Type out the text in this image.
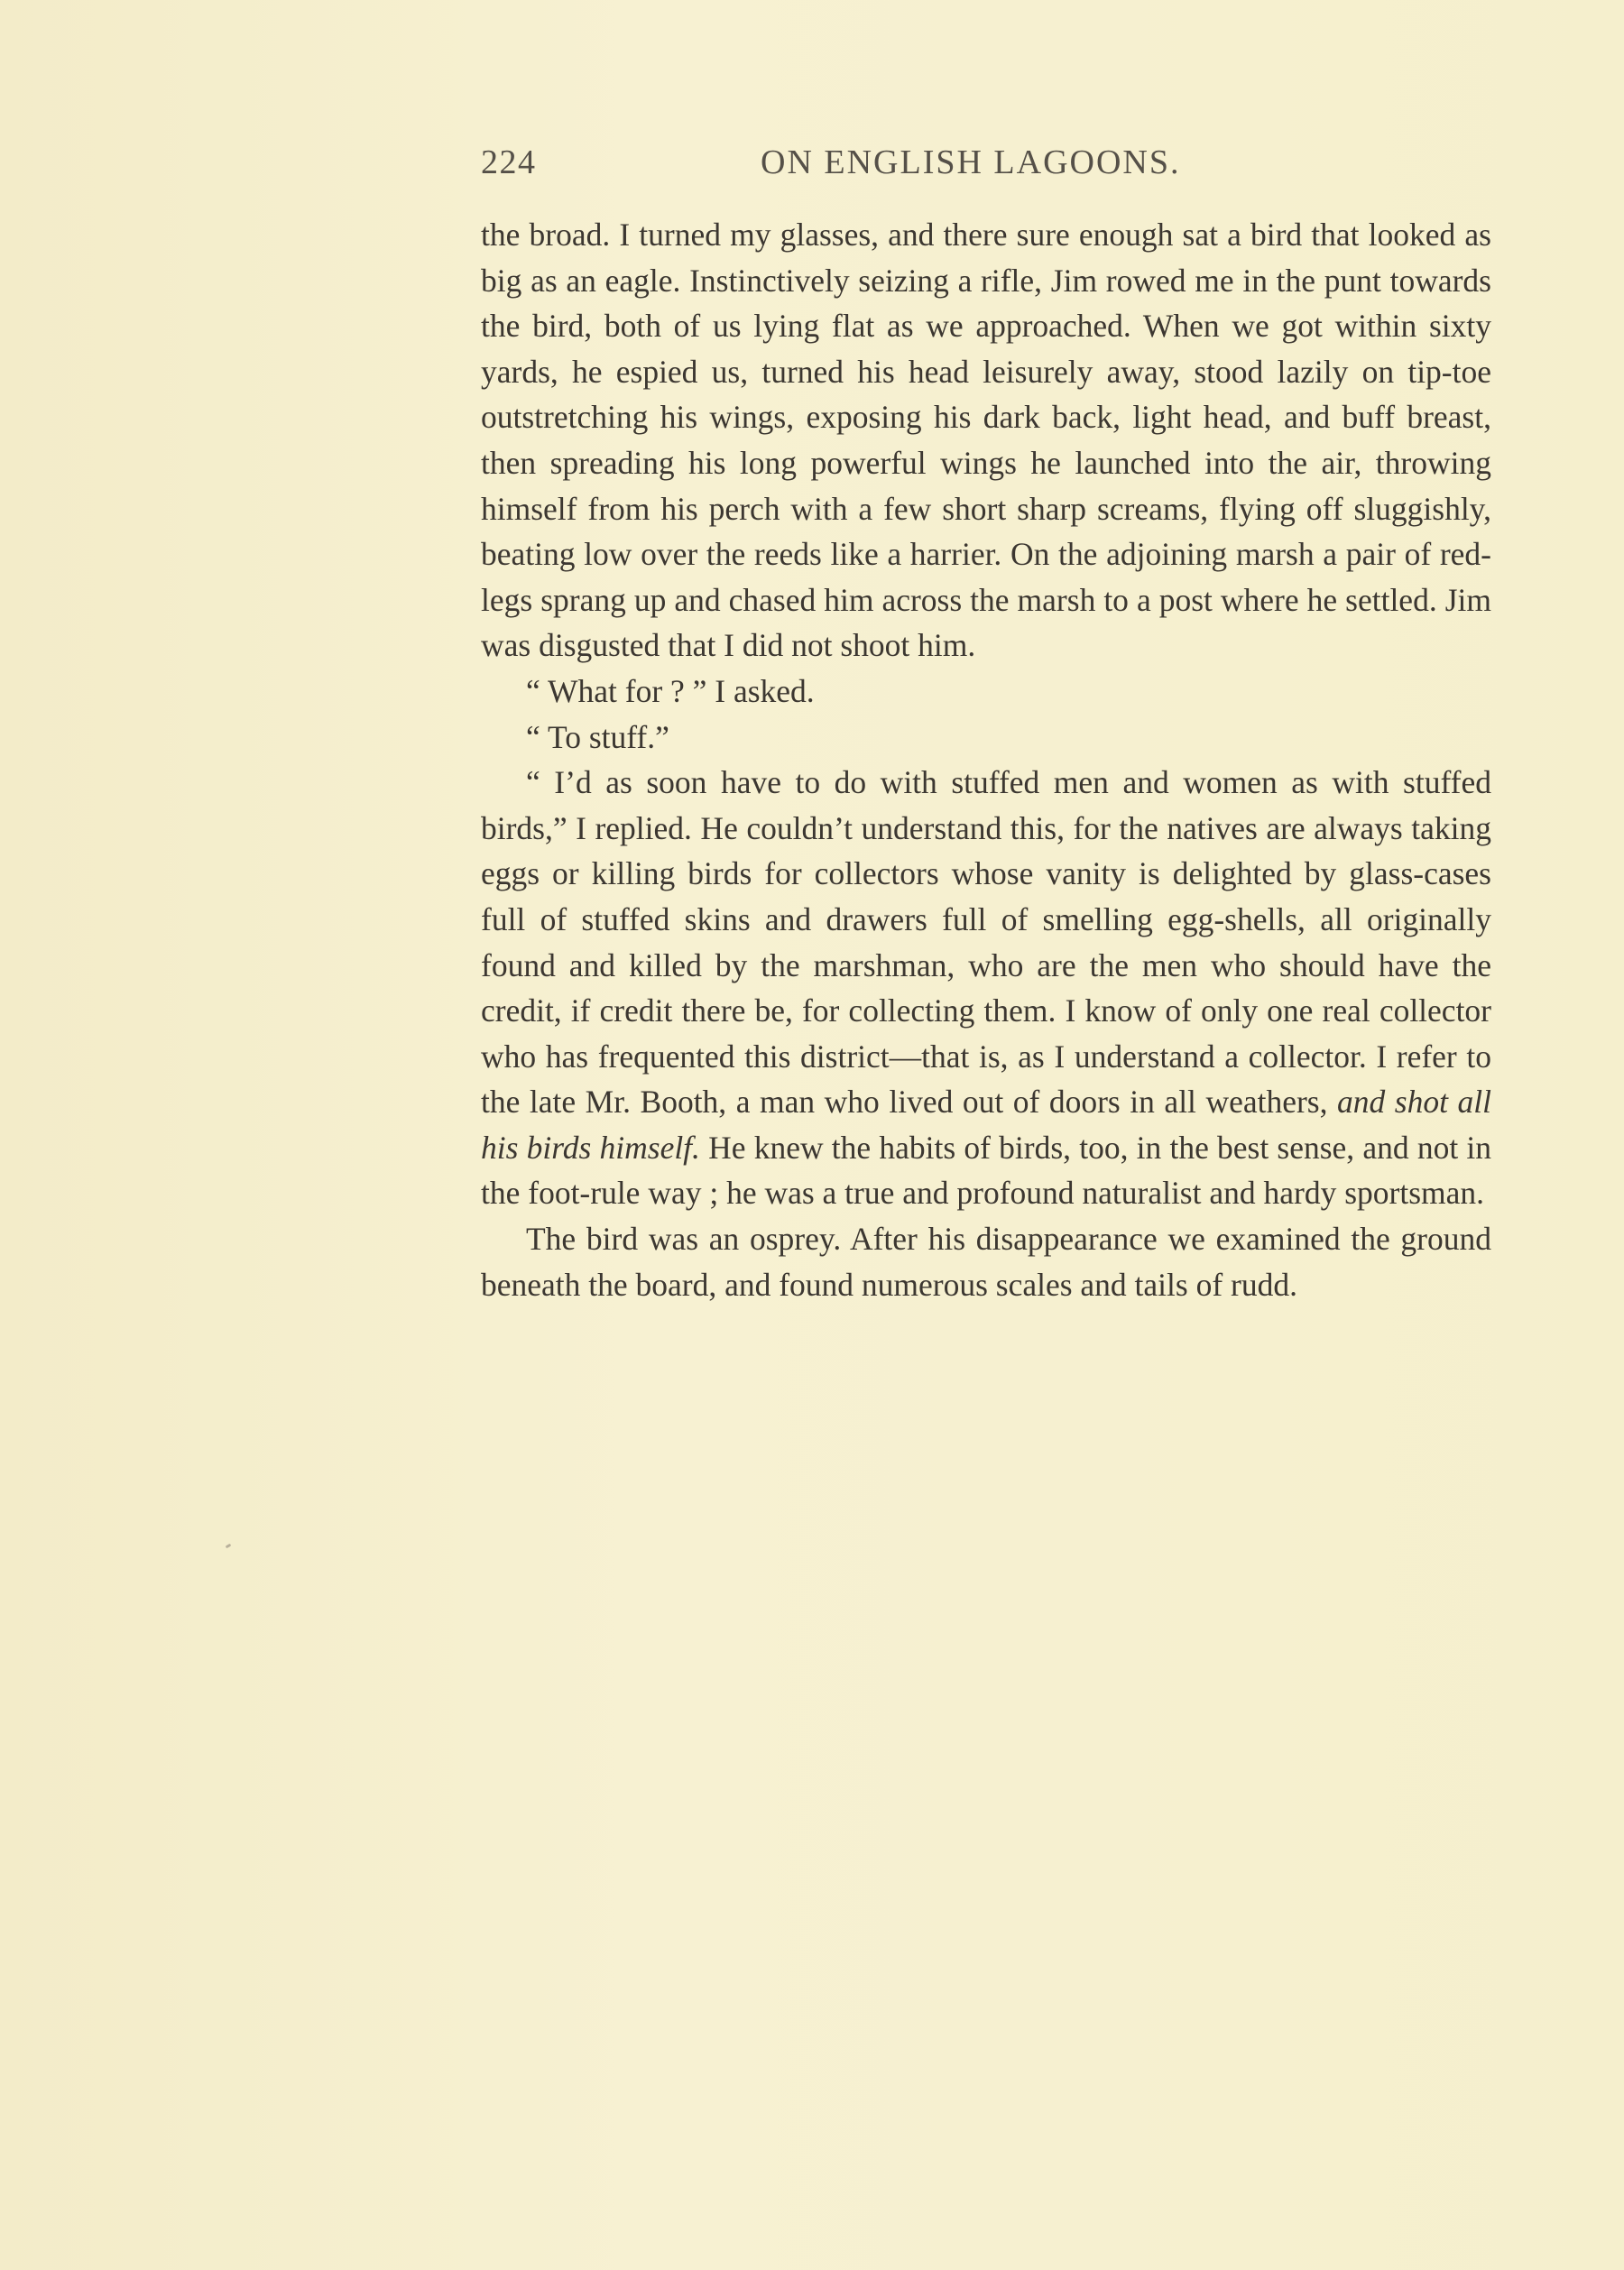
224	ON ENGLISH LAGOONS.

the broad. I turned my glasses, and there sure enough sat a bird that looked as big as an eagle. Instinctively seizing a rifle, Jim rowed me in the punt towards the bird, both of us lying flat as we approached. When we got within sixty yards, he espied us, turned his head leisurely away, stood lazily on tip-toe outstretching his wings, exposing his dark back, light head, and buff breast, then spreading his long powerful wings he launched into the air, throwing himself from his perch with a few short sharp screams, flying off sluggishly, beating low over the reeds like a harrier. On the adjoining marsh a pair of red-legs sprang up and chased him across the marsh to a post where he settled. Jim was disgusted that I did not shoot him.

“ What for ? ” I asked.

“ To stuff.”

“ I’d as soon have to do with stuffed men and women as with stuffed birds,” I replied. He couldn’t understand this, for the natives are always taking eggs or killing birds for collectors whose vanity is delighted by glass-cases full of stuffed skins and drawers full of smelling egg-shells, all originally found and killed by the marshman, who are the men who should have the credit, if credit there be, for collecting them. I know of only one real collector who has frequented this district—that is, as I understand a collector. I refer to the late Mr. Booth, a man who lived out of doors in all weathers, and shot all his birds himself. He knew the habits of birds, too, in the best sense, and not in the foot-rule way ; he was a true and profound naturalist and hardy sportsman.

The bird was an osprey. After his disappearance we examined the ground beneath the board, and found numerous scales and tails of rudd.
